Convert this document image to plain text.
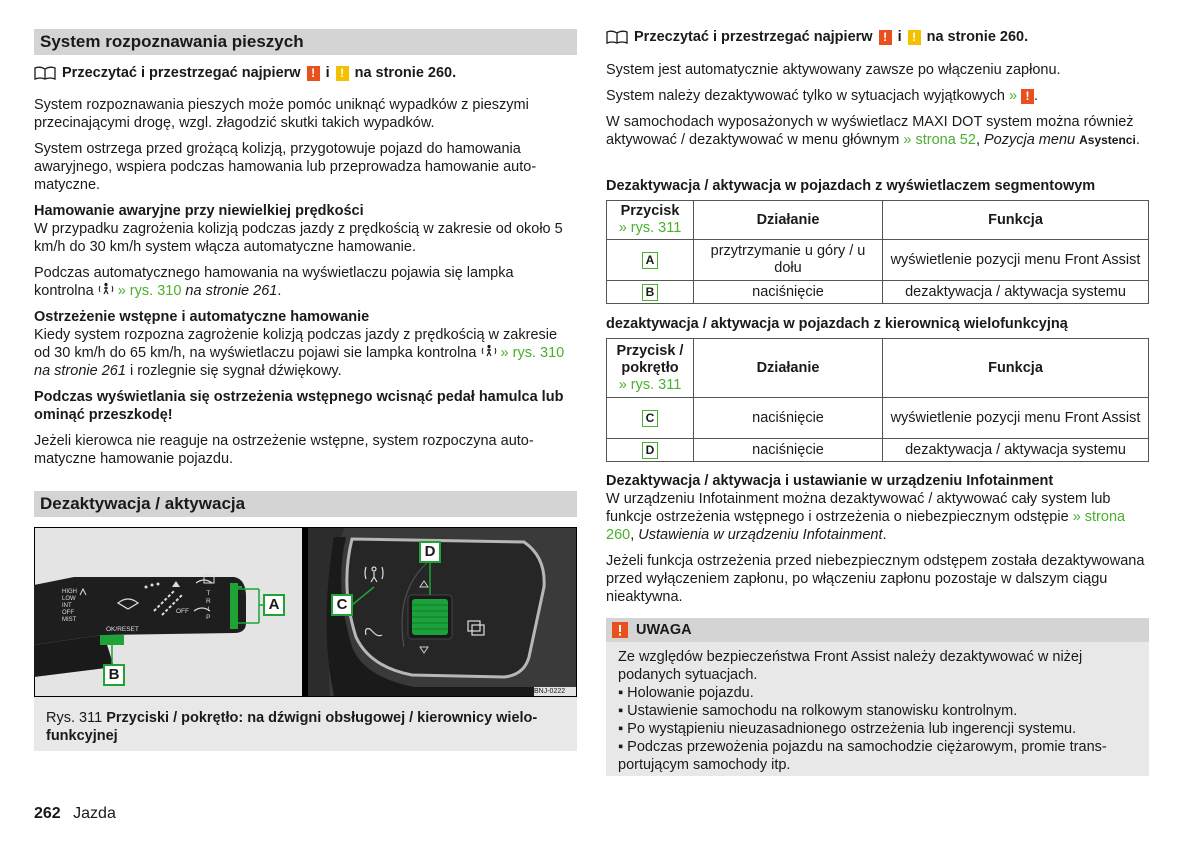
System rozpoznawania pieszych
Przeczytać i przestrzegać najpierw ! i ! na stronie 260.

System rozpoznawania pieszych może pomóc uniknąć wypadków z pieszymi przecinającymi drogę, wzgl. złagodzić skutki takich wypadków.

System ostrzega przed grożącą kolizją, przygotowuje pojazd do hamowania awaryjnego, wspiera podczas hamowania lub przeprowadza hamowanie automatyczne.

Hamowanie awaryjne przy niewielkiej prędkości

W przypadku zagrożenia kolizją podczas jazdy z prędkością w zakresie od około 5 km/h do 30 km/h system włącza automatyczne hamowanie.

Podczas automatycznego hamowania na wyświetlaczu pojawia się lampka kontrolna » rys. 310 na stronie 261.

Ostrzeżenie wstępne i automatyczne hamowanie

Kiedy system rozpozna zagrożenie kolizją podczas jazdy z prędkością w zakresie od 30 km/h do 65 km/h, na wyświetlaczu pojawi sie lampka kontrolna » rys. 310 na stronie 261 i rozlegnie się sygnał dźwiękowy.

Podczas wyświetlania się ostrzeżenia wstępnego wcisnąć pedał hamulca lub ominąć przeszkodę!

Jeżeli kierowca nie reaguje na ostrzeżenie wstępne, system rozpoczyna automatyczne hamowanie pojazdu.

Dezaktywacja / aktywacja
HIGH
LOW
INT
OFF
MIST
OK/RESET
OFF
T
R
I
P
A
B
C
D
BNJ-0222
Rys. 311 Przyciski / pokrętło: na dźwigni obsługowej / kierownicy wielofunkcyjnej
262 Jazda
Przeczytać i przestrzegać najpierw ! i ! na stronie 260.

System jest automatycznie aktywowany zawsze po włączeniu zapłonu.

System należy dezaktywować tylko w sytuacjach wyjątkowych » ! .

W samochodach wyposażonych w wyświetlacz MAXI DOT system można również aktywować / dezaktywować w menu głównym » strona 52, Pozycja menu Asystenci.

Dezaktywacja / aktywacja w pojazdach z wyświetlaczem segmentowym
Przycisk
» rys. 311	Działanie	Funkcja
A	przytrzymanie u góry / u dołu	wyświetlenie pozycji menu Front Assist
B	naciśnięcie	dezaktywacja / aktywacja systemu
dezaktywacja / aktywacja w pojazdach z kierownicą wielofunkcyjną
Przycisk / pokrętło
» rys. 311	Działanie	Funkcja
C	naciśnięcie	wyświetlenie pozycji menu Front Assist
D	naciśnięcie	dezaktywacja / aktywacja systemu

Dezaktywacja / aktywacja i ustawianie w urządzeniu Infotainment

W urządzeniu Infotainment można dezaktywować / aktywować cały system lub funkcje ostrzeżenia wstępnego i ostrzeżenia o niebezpiecznym odstępie » strona 260, Ustawienia w urządzeniu Infotainment.

Jeżeli funkcja ostrzeżenia przed niebezpiecznym odstępem została dezaktywowana przed wyłączeniem zapłonu, po włączeniu zapłonu pozostaje w dalszym ciągu nieaktywna.

UWAGA

Ze względów bezpieczeństwa Front Assist należy dezaktywować w niżej podanych sytuacjach.

▪ Holowanie pojazdu.
▪ Ustawienie samochodu na rolkowym stanowisku kontrolnym.
▪ Po wystąpieniu nieuzasadnionego ostrzeżenia lub ingerencji systemu.
▪ Podczas przewożenia pojazdu na samochodzie ciężarowym, promie transportującym samochody itp.
